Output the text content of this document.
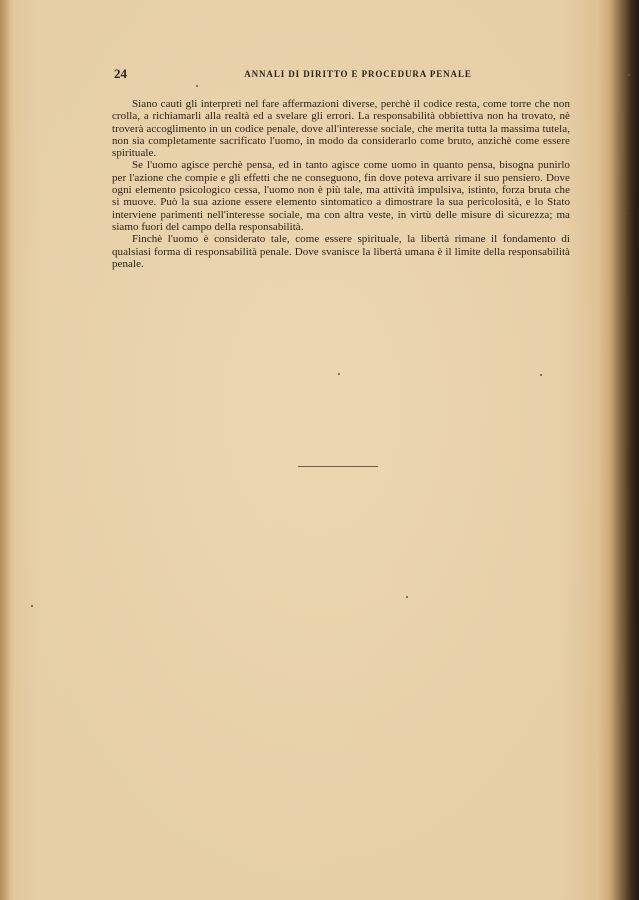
24	ANNALI DI DIRITTO E PROCEDURA PENALE

Siano cauti gli interpreti nel fare affermazioni diverse, perchè il codice resta, come torre che non crolla, a richiamarli alla realtà ed a svelare gli errori. La responsabilità obbiettiva non ha trovato, nè troverà accoglimento in un codice penale, dove all'interesse sociale, che merita tutta la massima tutela, non sia completamente sacrificato l'uomo, in modo da considerarlo come bruto, anzichè come essere spirituale.

Se l'uomo agisce perchè pensa, ed in tanto agisce come uomo in quanto pensa, bisogna punirlo per l'azione che compie e gli effetti che ne conseguono, fin dove poteva arrivare il suo pensiero. Dove ogni elemento psicologico cessa, l'uomo non è più tale, ma attività impulsiva, istinto, forza bruta che si muove. Può la sua azione essere elemento sintomatico a dimostrare la sua pericolosità, e lo Stato interviene parimenti nell'interesse sociale, ma con altra veste, in virtù delle misure di sicurezza; ma siamo fuori del campo della responsabilità.

Finchè l'uomo è considerato tale, come essere spirituale, la libertà rimane il fondamento di qualsiasi forma di responsabilità penale. Dove svanisce la libertà umana è il limite della responsabilità penale.
